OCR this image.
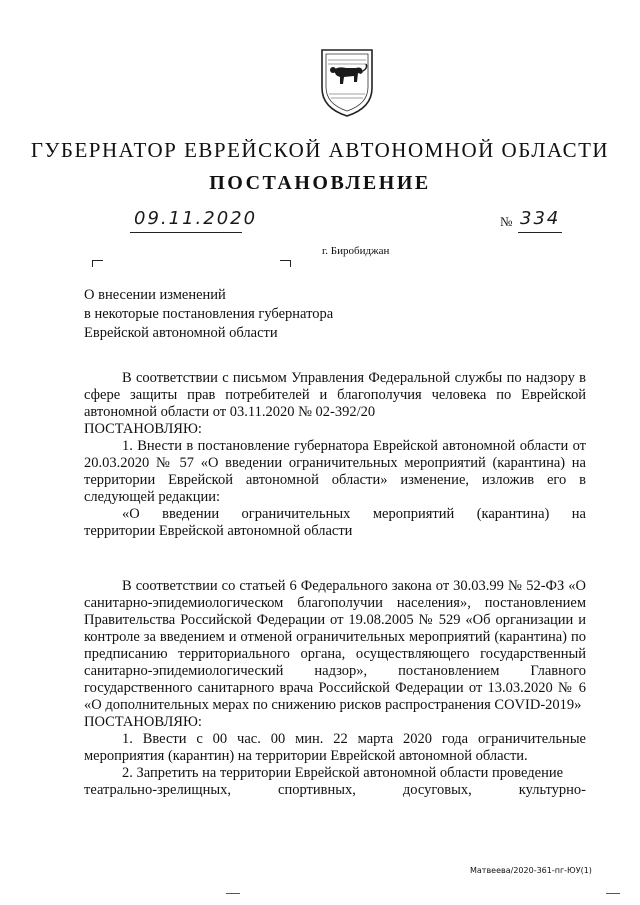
ГУБЕРНАТОР ЕВРЕЙСКОЙ АВТОНОМНОЙ ОБЛАСТИ
ПОСТАНОВЛЕНИЕ
09.11.2020	№ 334
г. Биробиджан
О внесении изменений
в некоторые постановления губернатора
Еврейской автономной области

В соответствии с письмом Управления Федеральной службы по надзору в сфере защиты прав потребителей и благополучия человека по Еврейской автономной области от 03.11.2020 № 02-392/20

ПОСТАНОВЛЯЮ:

1. Внести в постановление губернатора Еврейской автономной области от 20.03.2020 № 57 «О введении ограничительных мероприятий (карантина) на территории Еврейской автономной области» изменение, изложив его в следующей редакции:

«О введении ограничительных мероприятий (карантина) на

территории Еврейской автономной области

В соответствии со статьей 6 Федерального закона от 30.03.99 № 52-ФЗ «О санитарно-эпидемиологическом благополучии населения», постановлением Правительства Российской Федерации от 19.08.2005 № 529 «Об организации и контроле за введением и отменой ограничительных мероприятий (карантина) по предписанию территориального органа, осуществляющего государственный санитарно-эпидемиологический надзор», постановлением Главного государственного санитарного врача Российской Федерации от 13.03.2020 № 6 «О дополнительных мерах по снижению рисков распространения COVID-2019»

ПОСТАНОВЛЯЮ:

1. Ввести с 00 час. 00 мин. 22 марта 2020 года ограничительные мероприятия (карантин) на территории Еврейской автономной области.

2. Запретить на территории Еврейской автономной области проведение

театрально-зрелищных, спортивных, досуговых, культурно-

Матвеева/2020-361-пг-ЮУ(1)
